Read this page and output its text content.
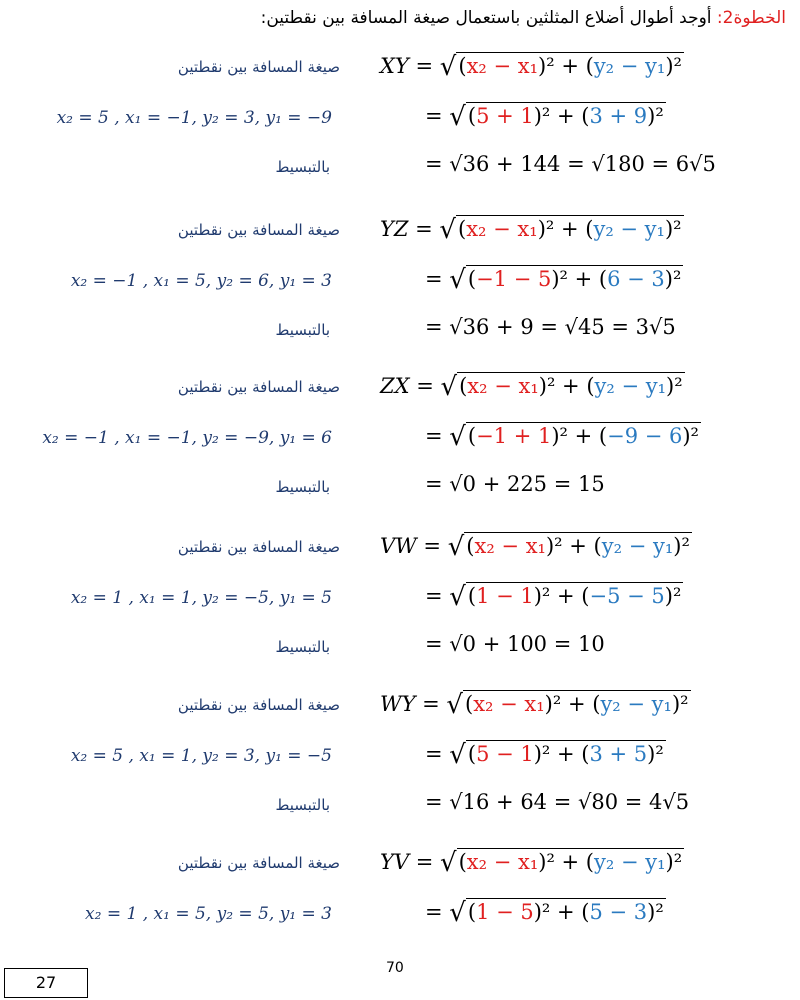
الخطوة2: أوجد أطوال أضلاع المثلثين باستعمال صيغة المسافة بين نقطتين:
صيغة المسافة بين نقطتين XY = √(x₂ − x₁)² + (y₂ − y₁)²
x₂ = 5 , x₁ = −1, y₂ = 3, y₁ = −9	= √(5 + 1)² + (3 + 9)²
بالتبسيط	= √36 + 144 = √180 = 6√5
صيغة المسافة بين نقطتين YZ = √(x₂ − x₁)² + (y₂ − y₁)²
x₂ = −1 , x₁ = 5, y₂ = 6, y₁ = 3	= √(−1 − 5)² + (6 − 3)²
بالتبسيط	= √36 + 9 = √45 = 3√5
صيغة المسافة بين نقطتين ZX = √(x₂ − x₁)² + (y₂ − y₁)²
x₂ = −1 , x₁ = −1, y₂ = −9, y₁ = 6	= √(−1 + 1)² + (−9 − 6)²
بالتبسيط	= √0 + 225 = 15
صيغة المسافة بين نقطتين VW = √(x₂ − x₁)² + (y₂ − y₁)²
x₂ = 1 , x₁ = 1, y₂ = −5, y₁ = 5	= √(1 − 1)² + (−5 − 5)²
بالتبسيط	= √0 + 100 = 10
صيغة المسافة بين نقطتين WY = √(x₂ − x₁)² + (y₂ − y₁)²
x₂ = 5 , x₁ = 1, y₂ = 3, y₁ = −5	= √(5 − 1)² + (3 + 5)²
بالتبسيط	= √16 + 64 = √80 = 4√5
صيغة المسافة بين نقطتين YV = √(x₂ − x₁)² + (y₂ − y₁)²
x₂ = 1 , x₁ = 5, y₂ = 5, y₁ = 3	= √(1 − 5)² + (5 − 3)²
70
27
